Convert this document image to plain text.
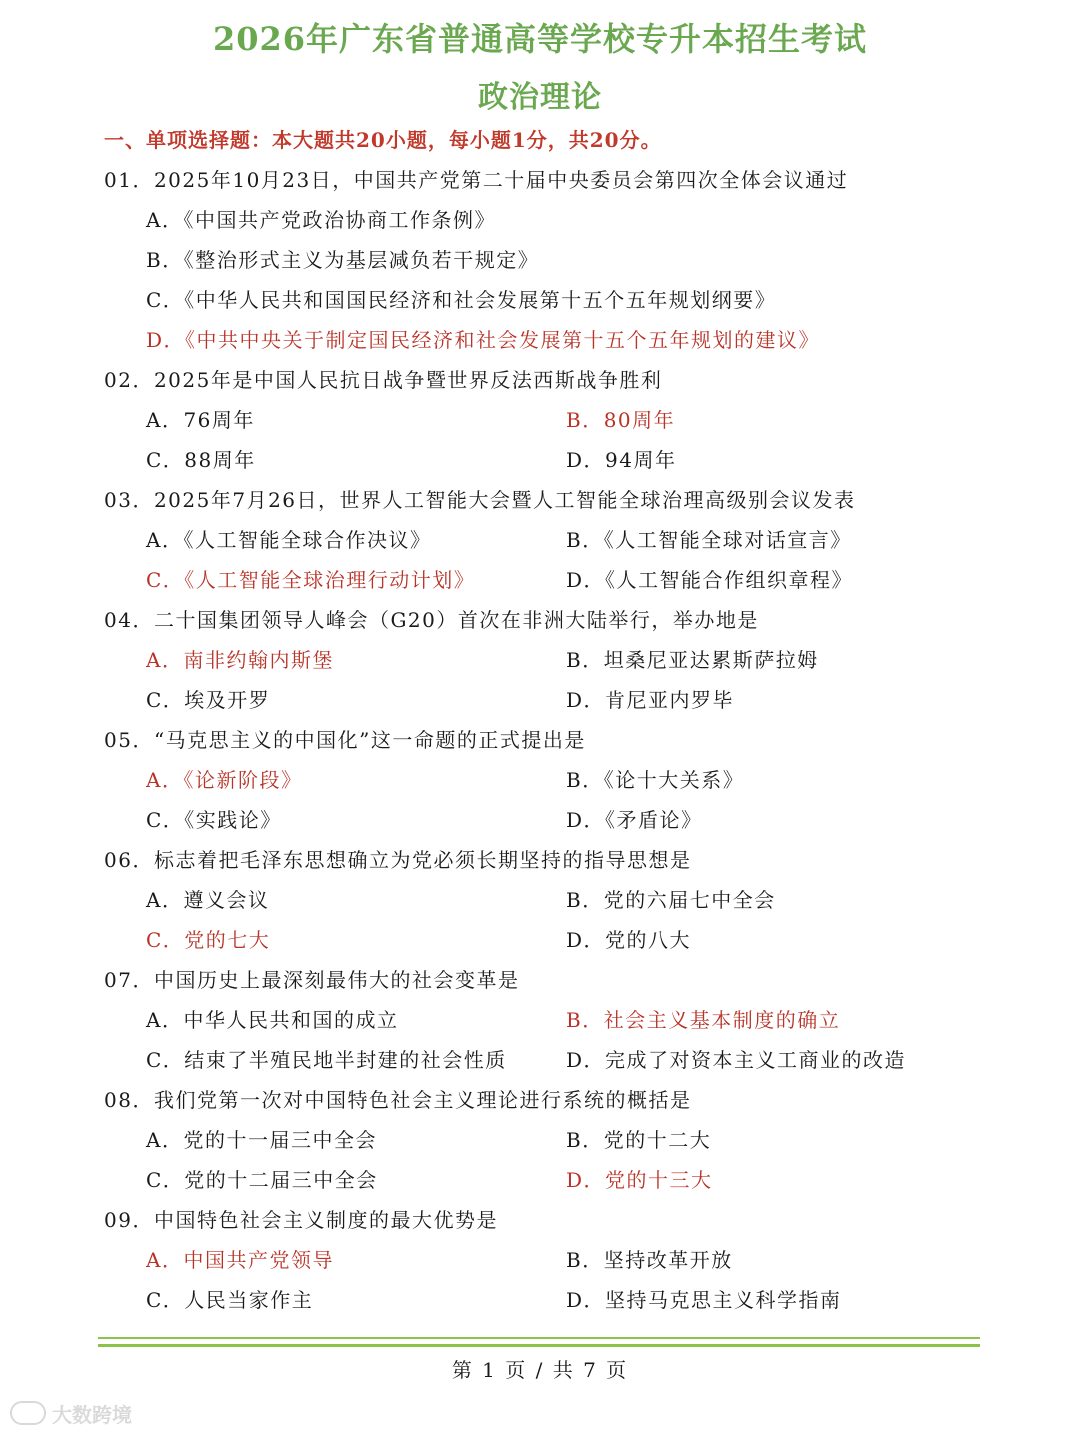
2026年广东省普通高等学校专升本招生考试
政治理论
一、单项选择题：本大题共20小题，每小题1分，共20分。
01．2025年10月23日，中国共产党第二十届中央委员会第四次全体会议通过
A．《中国共产党政治协商工作条例》
B．《整治形式主义为基层减负若干规定》
C．《中华人民共和国国民经济和社会发展第十五个五年规划纲要》
D．《中共中央关于制定国民经济和社会发展第十五个五年规划的建议》
02．2025年是中国人民抗日战争暨世界反法西斯战争胜利
A．76周年	B．80周年
C．88周年	D．94周年
03．2025年7月26日，世界人工智能大会暨人工智能全球治理高级别会议发表
A．《人工智能全球合作决议》	B．《人工智能全球对话宣言》
C．《人工智能全球治理行动计划》	D．《人工智能合作组织章程》
04．二十国集团领导人峰会（G20）首次在非洲大陆举行，举办地是
A．南非约翰内斯堡	B．坦桑尼亚达累斯萨拉姆
C．埃及开罗	D．肯尼亚内罗毕
05．“马克思主义的中国化”这一命题的正式提出是
A．《论新阶段》	B．《论十大关系》
C．《实践论》	D．《矛盾论》
06．标志着把毛泽东思想确立为党必须长期坚持的指导思想是
A．遵义会议	B．党的六届七中全会
C．党的七大	D．党的八大
07．中国历史上最深刻最伟大的社会变革是
A．中华人民共和国的成立	B．社会主义基本制度的确立
C．结束了半殖民地半封建的社会性质	D．完成了对资本主义工商业的改造
08．我们党第一次对中国特色社会主义理论进行系统的概括是
A．党的十一届三中全会	B．党的十二大
C．党的十二届三中全会	D．党的十三大
09．中国特色社会主义制度的最大优势是
A．中国共产党领导	B．坚持改革开放
C．人民当家作主	D．坚持马克思主义科学指南
第 1 页 / 共 7 页
大数跨境
